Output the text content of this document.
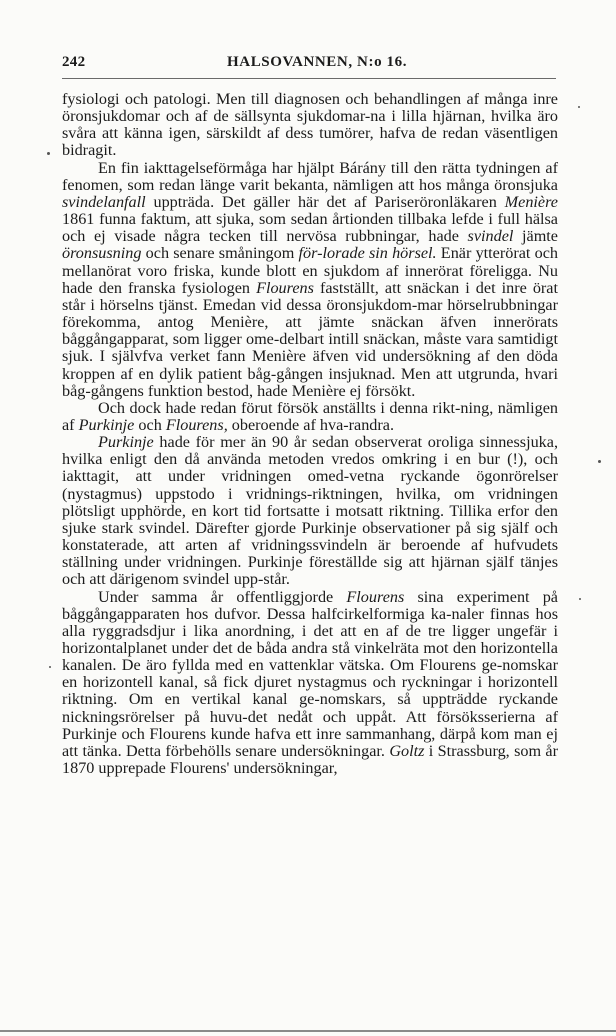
242	HALSOVANNEN, N:o 16.

fysiologi och patologi. Men till diagnosen och behandlingen af många inre öronsjukdomar och af de sällsynta sjukdomar-na i lilla hjärnan, hvilka äro svåra att känna igen, särskildt af dess tumörer, hafva de redan väsentligen bidragit.

En fin iakttagelseförmåga har hjälpt Bárány till den rätta tydningen af fenomen, som redan länge varit bekanta, nämligen att hos många öronsjuka svindelanfall uppträda. Det gäller här det af Pariseröronläkaren Menière 1861 funna faktum, att sjuka, som sedan årtionden tillbaka lefde i full hälsa och ej visade några tecken till nervösa rubbningar, hade svindel jämte öronsusning och senare småningom för-lorade sin hörsel. Enär ytterörat och mellanörat voro friska, kunde blott en sjukdom af innerörat föreligga. Nu hade den franska fysiologen Flourens fastställt, att snäckan i det inre örat står i hörselns tjänst. Emedan vid dessa öronsjukdom-mar hörselrubbningar förekomma, antog Menière, att jämte snäckan äfven innerörats båggångapparat, som ligger ome-delbart intill snäckan, måste vara samtidigt sjuk. I självfva verket fann Menière äfven vid undersökning af den döda kroppen af en dylik patient båg-gången insjuknad. Men att utgrunda, hvari båg-gångens funktion bestod, hade Menière ej försökt.

Och dock hade redan förut försök anställts i denna rikt-ning, nämligen af Purkinje och Flourens, oberoende af hva-randra.

Purkinje hade för mer än 90 år sedan observerat oroliga sinnessjuka, hvilka enligt den då använda metoden vredos omkring i en bur (!), och iakttagit, att under vridningen omed-vetna ryckande ögonrörelser (nystagmus) uppstodo i vridnings-riktningen, hvilka, om vridningen plötsligt upphörde, en kort tid fortsatte i motsatt riktning. Tillika erfor den sjuke stark svindel. Därefter gjorde Purkinje observationer på sig själf och konstaterade, att arten af vridningssvindeln är beroende af hufvudets ställning under vridningen. Purkinje föreställde sig att hjärnan själf tänjes och att därigenom svindel upp-står.

Under samma år offentliggjorde Flourens sina experiment på båggångapparaten hos dufvor. Dessa halfcirkelformiga ka-naler finnas hos alla ryggradsdjur i lika anordning, i det att en af de tre ligger ungefär i horizontalplanet under det de båda andra stå vinkelräta mot den horizontella kanalen. De äro fyllda med en vattenklar vätska. Om Flourens ge-nomskar en horizontell kanal, så fick djuret nystagmus och ryckningar i horizontell riktning. Om en vertikal kanal ge-nomskars, så uppträdde ryckande nickningsrörelser på huvu-det nedåt och uppåt. Att försöksserierna af Purkinje och Flourens kunde hafva ett inre sammanhang, därpå kom man ej att tänka. Detta förbehölls senare undersökningar. Goltz i Strassburg, som år 1870 upprepade Flourens' undersökningar,
